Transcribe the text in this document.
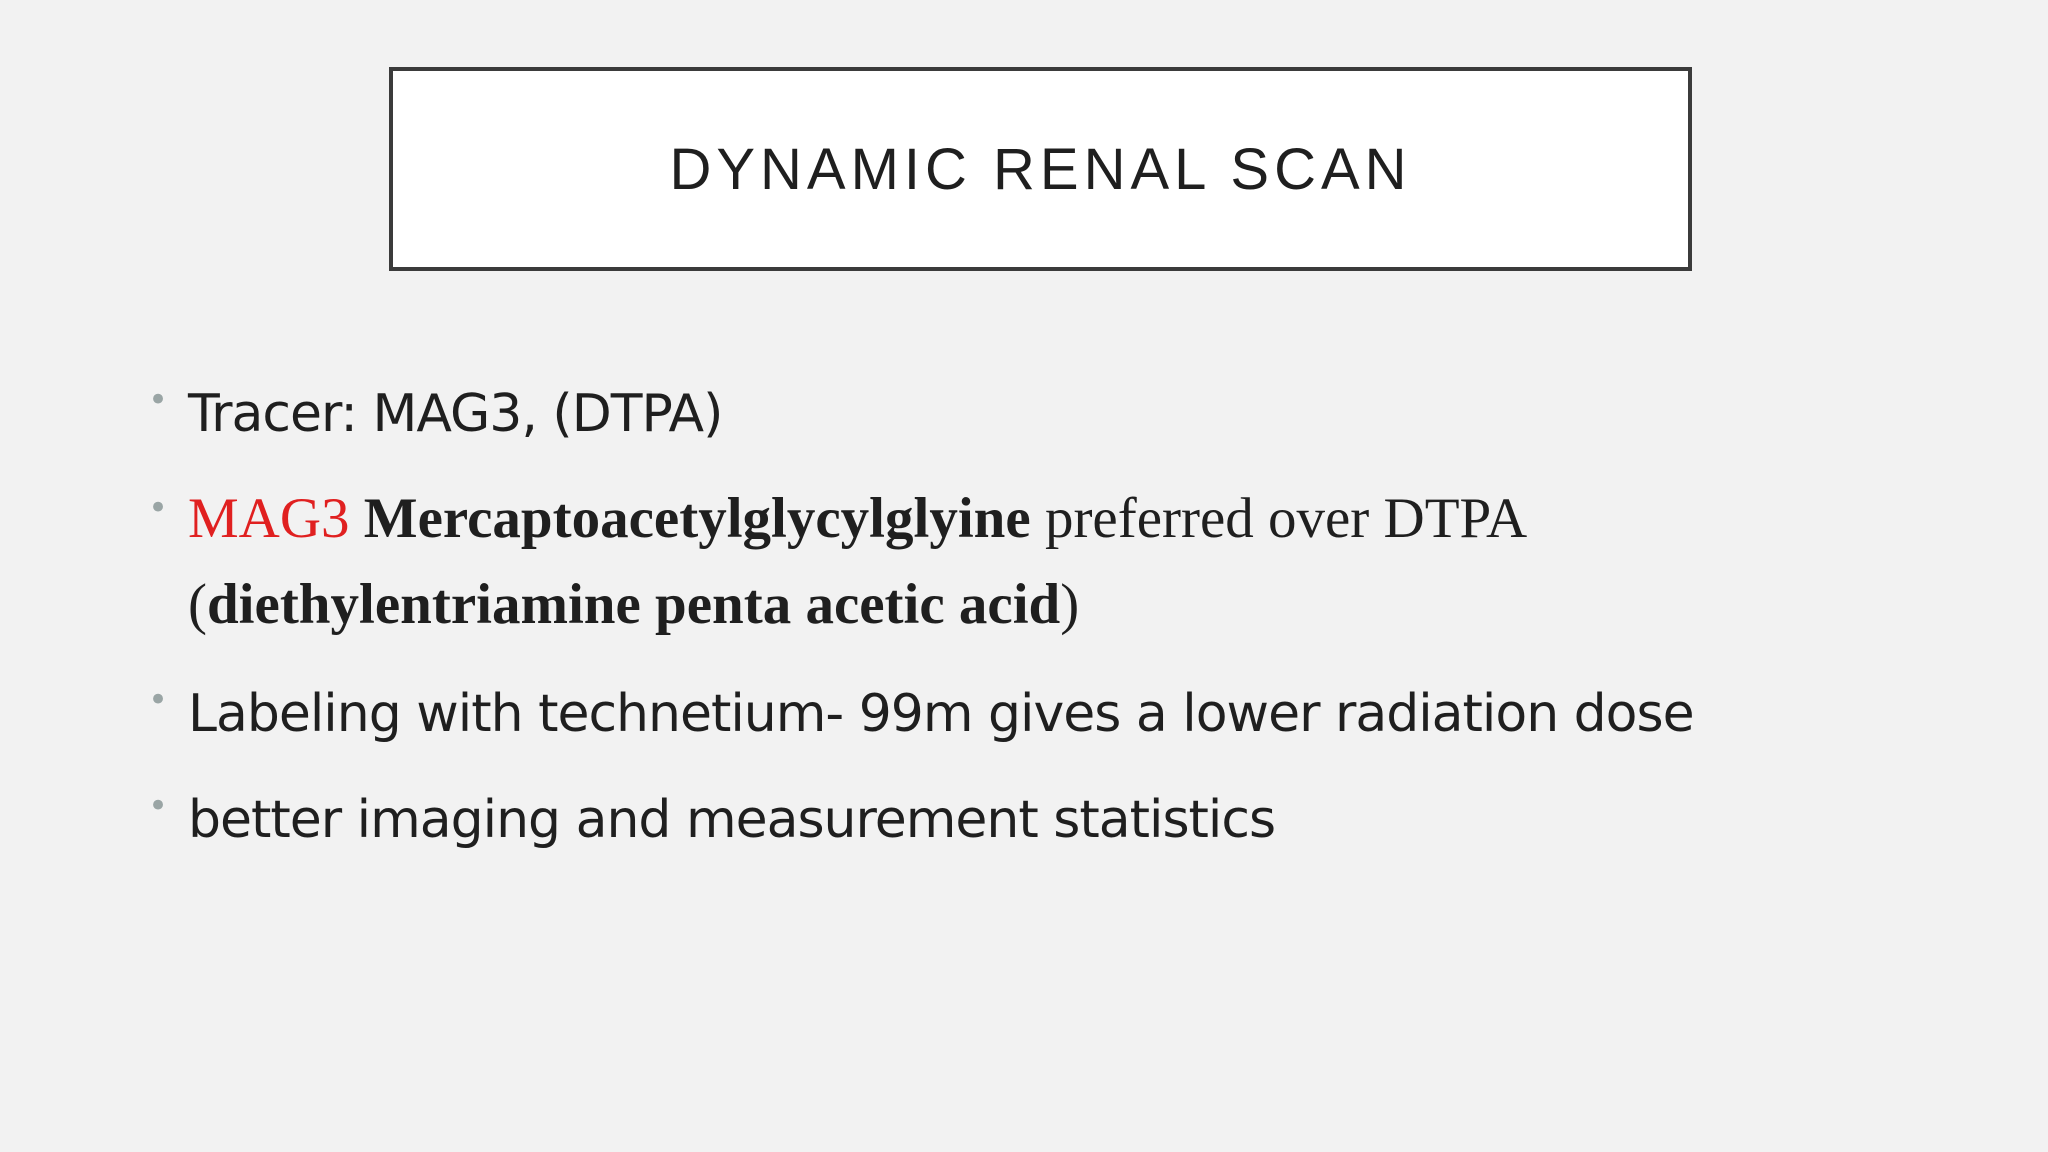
DYNAMIC RENAL SCAN
• Tracer: MAG3, (DTPA)
• MAG3 Mercaptoacetylglycylglyine preferred over DTPA (diethylentriamine penta acetic acid)
• Labeling with technetium- 99m gives a lower radiation dose
• better imaging and measurement statistics
